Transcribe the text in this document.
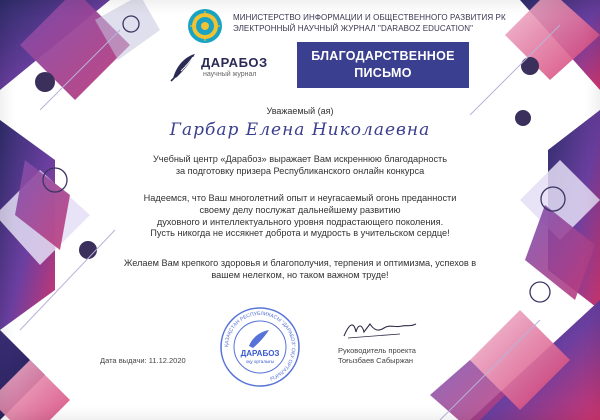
МИНИСТЕРСТВО ИНФОРМАЦИИ И ОБЩЕСТВЕННОГО РАЗВИТИЯ РК
ЭЛЕКТРОННЫЙ НАУЧНЫЙ ЖУРНАЛ "DARABOZ EDUCATION"
ДАРАБОЗ
научный журнал
БЛАГОДАРСТВЕННОЕ
ПИСЬМО
Уважаемый (ая)
Гарбар Елена Николаевна
Учебный центр «Дарабоз» выражает Вам искреннюю благодарность
за подготовку призера Республиканского онлайн конкурса
Надеемся, что Ваш многолетний опыт и неугасаемый огонь преданности
своему делу послужат дальнейшему развитию
духовного и интеллектуального уровня подрастающего поколения.
Пусть никогда не иссякнет доброта и мудрость в учительском сердце!
Желаем Вам крепкого здоровья и благополучия, терпения и оптимизма, успехов в
вашем нелегком, но таком важном труде!
ҚАЗАҚСТАН РЕСПУБЛИКАСЫ "ДАРАБОЗ" ОҚУ ОРТАЛЫҒЫ
ДАРАБОЗ
оқу орталығы
Дата выдачи: 11.12.2020
Руководитель проекта
Тоғызбаев Сабыржан
